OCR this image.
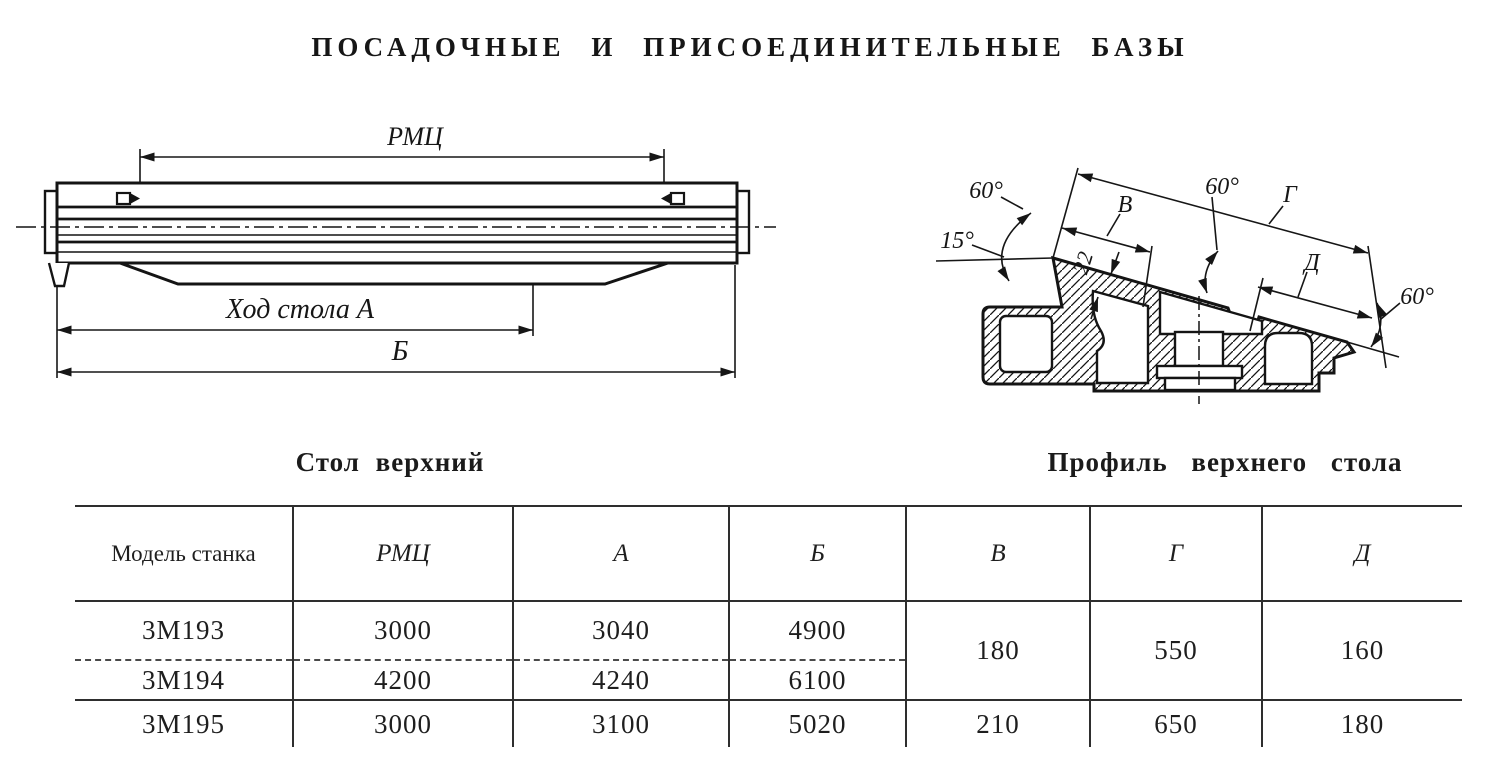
ПОСАДОЧНЫЕ И ПРИСОЕДИНИТЕЛЬНЫЕ БАЗЫ
РМЦ
Ход стола А
Б
60°
15°
В	Г
22
60°
Д
60°
Стол верхний	Профиль верхнего стола
Модель станка	РМЦ	А	Б	В	Г	Д
3М193	3000	3040	4900	180	550	160
3М194	4200	4240	6100			
3М195	3000	3100	5020	210	650	180
